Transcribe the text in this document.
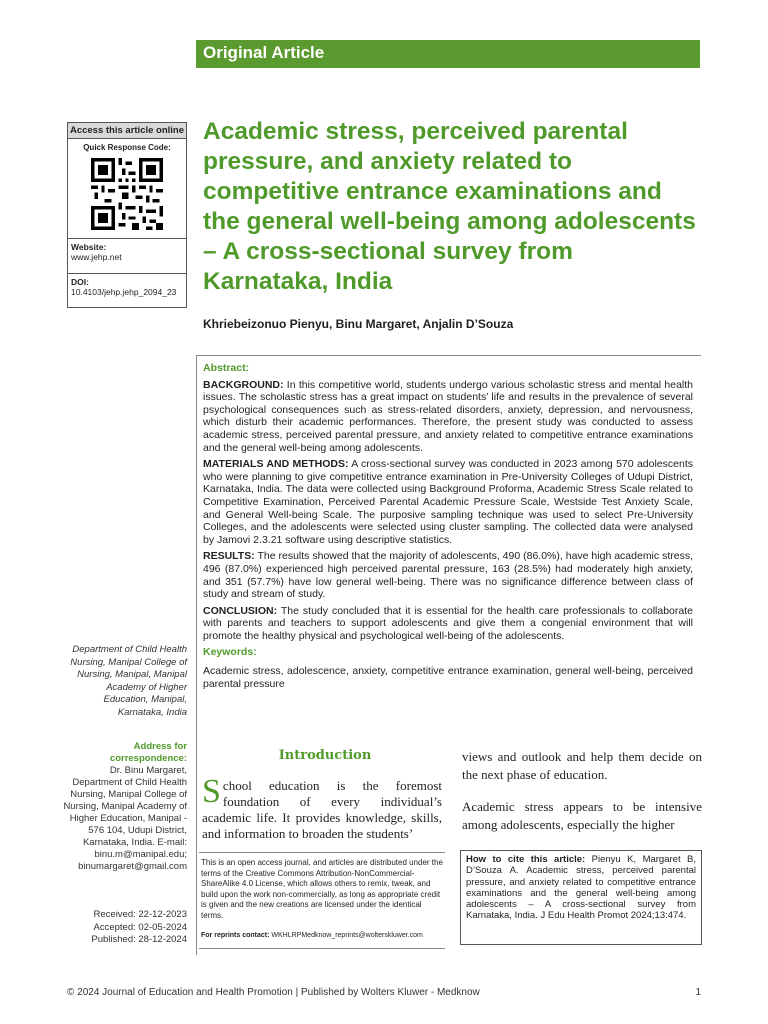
Original Article
Access this article online
Quick Response Code:
Website:
www.jehp.net
DOI:
10.4103/jehp.jehp_2094_23
Academic stress, perceived parental pressure, and anxiety related to competitive entrance examinations and the general well-being among adolescents – A cross-sectional survey from Karnataka, India
Khriebeizonuo Pienyu, Binu Margaret, Anjalin D’Souza
Abstract:

BACKGROUND: In this competitive world, students undergo various scholastic stress and mental health issues. The scholastic stress has a great impact on students’ life and results in the prevalence of several psychological consequences such as stress-related disorders, anxiety, depression, and nervousness, which disturb their academic performances. Therefore, the present study was conducted to assess academic stress, perceived parental pressure, and anxiety related to competitive entrance examinations and the general well-being among adolescents.

MATERIALS AND METHODS: A cross-sectional survey was conducted in 2023 among 570 adolescents who were planning to give competitive entrance examination in Pre-University Colleges of Udupi District, Karnataka, India. The data were collected using Background Proforma, Academic Stress Scale related to Competitive Examination, Perceived Parental Academic Pressure Scale, Westside Test Anxiety Scale, and General Well-being Scale. The purposive sampling technique was used to select Pre-University Colleges, and the adolescents were selected using cluster sampling. The collected data were analysed by Jamovi 2.3.21 software using descriptive statistics.

RESULTS: The results showed that the majority of adolescents, 490 (86.0%), have high academic stress, 496 (87.0%) experienced high perceived parental pressure, 163 (28.5%) had moderately high anxiety, and 351 (57.7%) have low general well-being. There was no significance difference between class of study and stream of study.

CONCLUSION: The study concluded that it is essential for the health care professionals to collaborate with parents and teachers to support adolescents and give them a congenial environment that will promote the healthy physical and psychological well-being of the adolescents.

Keywords:
Academic stress, adolescence, anxiety, competitive entrance examination, general well-being, perceived parental pressure
Department of Child Health Nursing, Manipal College of Nursing, Manipal, Manipal Academy of Higher Education, Manipal, Karnataka, India
Address for correspondence:
Dr. Binu Margaret, Department of Child Health Nursing, Manipal College of Nursing, Manipal Academy of Higher Education, Manipal - 576 104, Udupi District, Karnataka, India. E-mail: binu.m@manipal.edu; binumargaret@gmail.com
Received: 22-12-2023
Accepted: 02-05-2024
Published: 28-12-2024
Introduction
School education is the foremost foundation of every individual’s academic life. It provides knowledge, skills, and information to broaden the students’

views and outlook and help them decide on the next phase of education.

Academic stress appears to be intensive among adolescents, especially the higher

This is an open access journal, and articles are distributed under the terms of the Creative Commons Attribution-NonCommercial-ShareAlike 4.0 License, which allows others to remix, tweak, and build upon the work non-commercially, as long as appropriate credit is given and the new creations are licensed under the identical terms.
For reprints contact: WKHLRPMedknow_reprints@wolterskluwer.com
How to cite this article: Pienyu K, Margaret B, D’Souza A. Academic stress, perceived parental pressure, and anxiety related to competitive entrance examinations and the general well-being among adolescents – A cross-sectional survey from Karnataka, India. J Edu Health Promot 2024;13:474.
© 2024 Journal of Education and Health Promotion | Published by Wolters Kluwer - Medknow	1
